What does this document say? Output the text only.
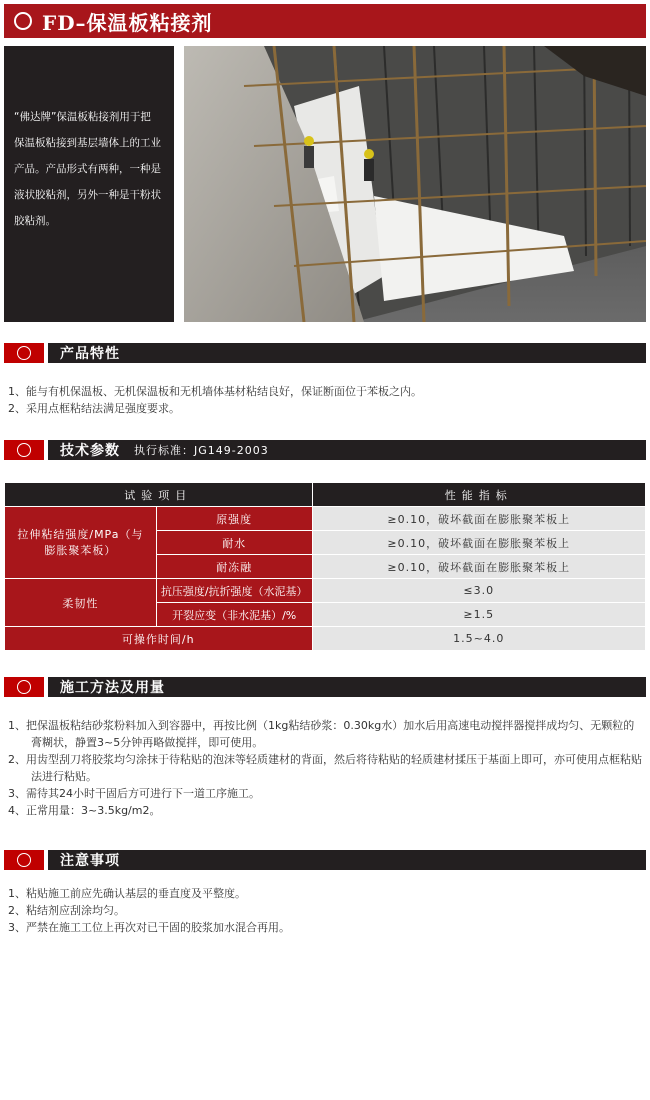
FD–保温板粘接剂
“佛达牌”保温板粘接剂用于把
保温板粘接到基层墙体上的工业
产品。产品形式有两种，一种是
液状胶粘剂，另外一种是干粉状
胶粘剂。
产品特性
1、能与有机保温板、无机保温板和无机墙体基材粘结良好，保证断面位于苯板之内。
2、采用点框粘结法满足强度要求。
技术参数 执行标准：JG149-2003
试验项目		性能指标
拉伸粘结强度/MPa（与膨胀聚苯板）	原强度	≥0.10，破坏截面在膨胀聚苯板上
	耐水	≥0.10，破坏截面在膨胀聚苯板上
	耐冻融	≥0.10，破坏截面在膨胀聚苯板上
柔韧性	抗压强度/抗折强度（水泥基）	≤3.0
	开裂应变（非水泥基）/%	≥1.5
可操作时间/h		1.5~4.0
施工方法及用量
1、把保温板粘结砂浆粉料加入到容器中，再按比例（1kg粘结砂浆：0.30kg水）加水后用高速电动搅拌器搅拌成均匀、无颗粒的膏糊状，静置3~5分钟再略做搅拌，即可使用。
2、用齿型刮刀将胶浆均匀涂抹于待粘贴的泡沫等轻质建材的背面，然后将待粘贴的轻质建材揉压于基面上即可，亦可使用点框粘贴法进行粘贴。
3、需待其24小时干固后方可进行下一道工序施工。
4、正常用量：3~3.5kg/m2。
注意事项
1、粘贴施工前应先确认基层的垂直度及平整度。
2、粘结剂应刮涂均匀。
3、严禁在施工工位上再次对已干固的胶浆加水混合再用。
